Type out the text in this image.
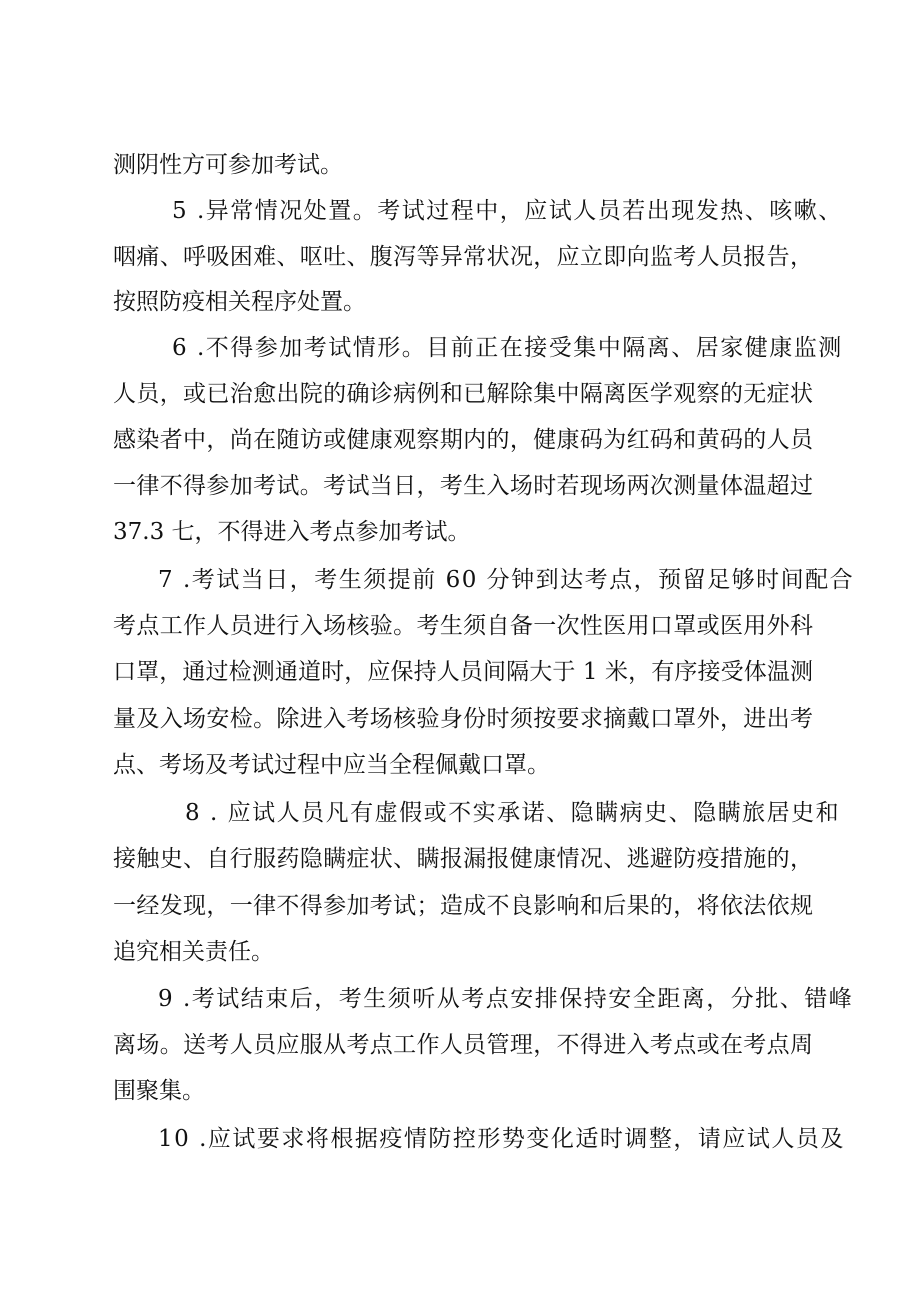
测阴性方可参加考试。
5 .异常情况处置。考试过程中，应试人员若出现发热、咳嗽、
咽痛、呼吸困难、呕吐、腹泻等异常状况，应立即向监考人员报告，
按照防疫相关程序处置。
6 .不得参加考试情形。目前正在接受集中隔离、居家健康监测
人员，或已治愈出院的确诊病例和已解除集中隔离医学观察的无症状
感染者中，尚在随访或健康观察期内的，健康码为红码和黄码的人员
一律不得参加考试。考试当日，考生入场时若现场两次测量体温超过
37.3 七，不得进入考点参加考试。
7 .考试当日，考生须提前 60 分钟到达考点，预留足够时间配合
考点工作人员进行入场核验。考生须自备一次性医用口罩或医用外科
口罩，通过检测通道时，应保持人员间隔大于 1 米，有序接受体温测
量及入场安检。除进入考场核验身份时须按要求摘戴口罩外，进出考
点、考场及考试过程中应当全程佩戴口罩。
8 . 应试人员凡有虚假或不实承诺、隐瞒病史、隐瞒旅居史和
接触史、自行服药隐瞒症状、瞒报漏报健康情况、逃避防疫措施的，
一经发现，一律不得参加考试；造成不良影响和后果的，将依法依规
追究相关责任。
9 .考试结束后，考生须听从考点安排保持安全距离，分批、错峰
离场。送考人员应服从考点工作人员管理，不得进入考点或在考点周
围聚集。
10 .应试要求将根据疫情防控形势变化适时调整，请应试人员及
